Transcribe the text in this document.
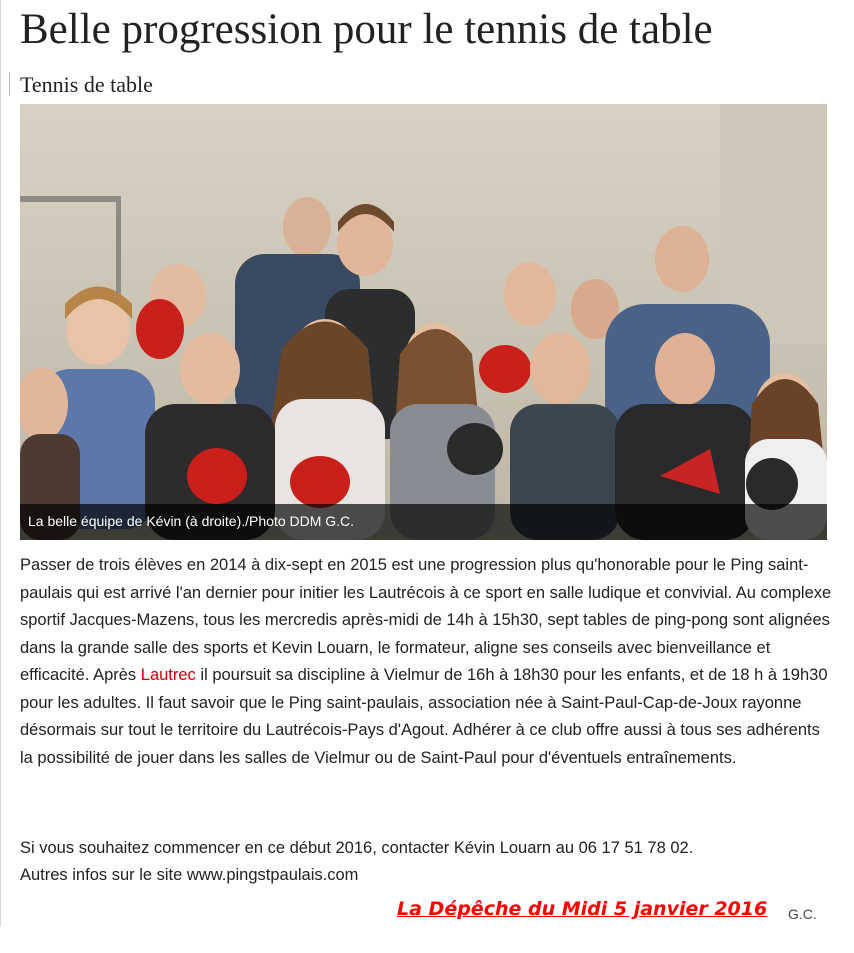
Belle progression pour le tennis de table
Tennis de table
La belle équipe de Kévin (à droite)./Photo DDM G.C.

Passer de trois élèves en 2014 à dix-sept en 2015 est une progression plus qu'honorable pour le Ping saint-paulais qui est arrivé l'an dernier pour initier les Lautrécois à ce sport en salle ludique et convivial. Au complexe sportif Jacques-Mazens, tous les mercredis après-midi de 14h à 15h30, sept tables de ping-pong sont alignées dans la grande salle des sports et Kevin Louarn, le formateur, aligne ses conseils avec bienveillance et efficacité. Après Lautrec il poursuit sa discipline à Vielmur de 16h à 18h30 pour les enfants, et de 18 h à 19h30 pour les adultes. Il faut savoir que le Ping saint-paulais, association née à Saint-Paul-Cap-de-Joux rayonne désormais sur tout le territoire du Lautrécois-Pays d'Agout. Adhérer à ce club offre aussi à tous ses adhérents la possibilité de jouer dans les salles de Vielmur ou de Saint-Paul pour d'éventuels entraînements.

Si vous souhaitez commencer en ce début 2016, contacter Kévin Louarn au 06 17 51 78 02.
Autres infos sur le site www.pingstpaulais.com

La Dépêche du Midi 5 janvier 2016 G.C.
